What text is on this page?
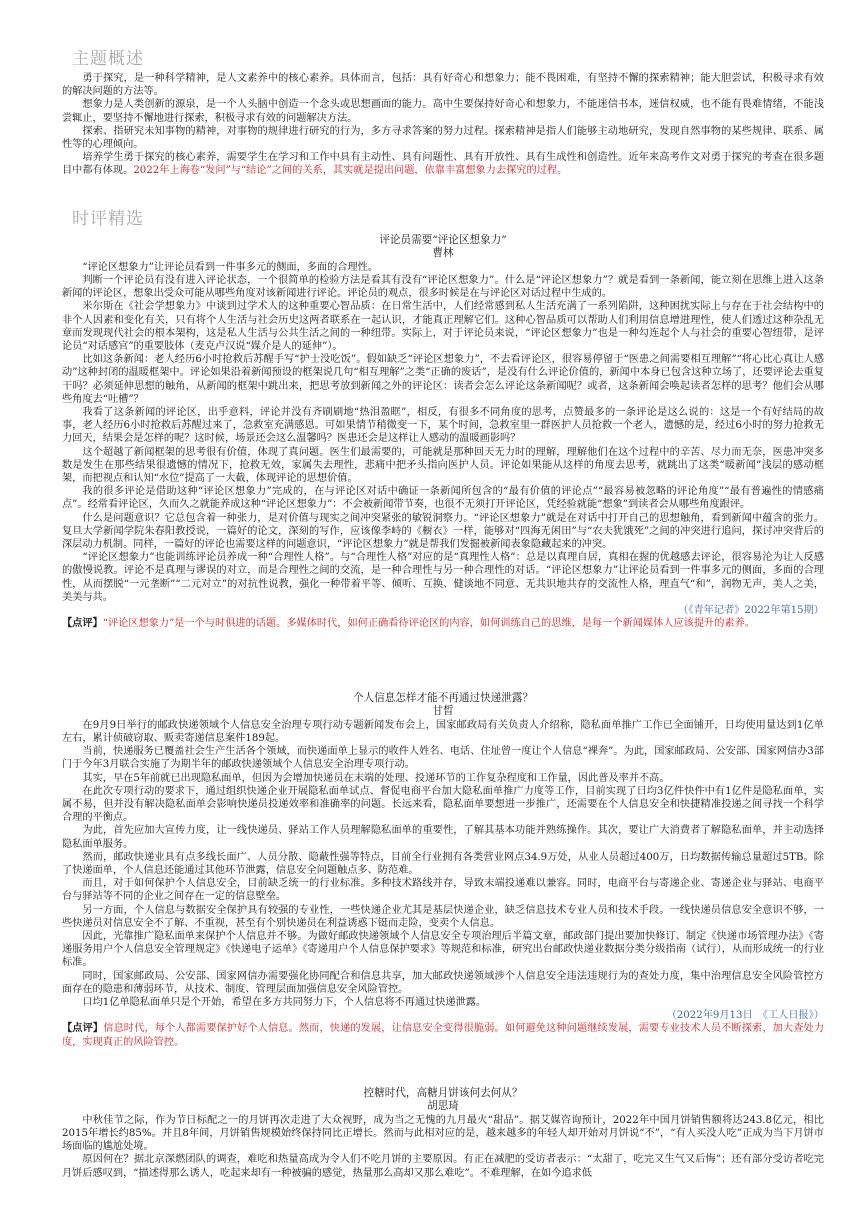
主题概述

勇于探究，是一种科学精神，是人文素养中的核心素养。具体而言，包括：具有好奇心和想象力；能不畏困难，有坚持不懈的探索精神；能大胆尝试，积极寻求有效的解决问题的方法等。

想象力是人类创新的源泉，是一个人头脑中创造一个念头或思想画面的能力。高中生要保持好奇心和想象力，不能迷信书本，迷信权威，也不能有畏难情绪，不能浅尝辄止，要坚持不懈地进行探索，积极寻求有效的问题解决方法。

探索、指研究未知事物的精神，对事物的规律进行研究的行为，多方寻求答案的努力过程。探索精神是指人们能够主动地研究，发现自然事物的某些规律、联系、属性等的心理倾向。

培养学生勇于探究的核心素养，需要学生在学习和工作中具有主动性、具有问题性、具有开放性、具有生成性和创造性。近年来高考作文对勇于探究的考查在很多题目中都有体现。2022年上海卷“发问”与“结论”之间的关系，其实就是提出问题，依靠丰富想象力去探究的过程。

时评精选

评论员需要“评论区想象力”

曹林

“评论区想象力”让评论员看到一件事多元的侧面，多面的合理性。

判断一个评论员有没有进入评论状态，一个很简单的检验方法是看其有没有“评论区想象力”。什么是“评论区想象力”？就是看到一条新闻，能立刻在思维上进入这条新闻的评论区，想象出受众可能从哪些角度对该新闻进行评论。评论员的观点，很多时候是在与评论区对话过程中生成的。

米尔斯在《社会学想象力》中谈到过学术人的这种重要心智品质：在日常生活中，人们经常感到私人生活充满了一系列陷阱，这种困扰实际上与存在于社会结构中的非个人因素和变化有关，只有将个人生活与社会历史这两者联系在一起认识，才能真正理解它们。这种心智品质可以帮助人们利用信息增进理性，使人们透过这种杂乱无章而发现现代社会的根本架构，这是私人生活与公共生活之间的一种纽带。实际上，对于评论员来说，“评论区想象力”也是一种勾连起个人与社会的重要心智纽带，是评论员“对话感官”的重要肢体（麦克卢汉说“媒介是人的延伸”）。

比如这条新闻：老人经历6小时抢救后苏醒手写“护士没吃饭”。假如缺乏“评论区想象力”，不去看评论区，很容易停留于“医患之间需要相互理解”“将心比心真让人感动”这种封闭的温暖框架中。评论如果沿着新闻预设的框架说几句“相互理解”之类“正确的废话”，是没有什么评论价值的，新闻中本身已包含这种立场了，还要评论去重复干吗？必须延伸思想的触角，从新闻的框架中跳出来，把思考放到新闻之外的评论区：读者会怎么评论这条新闻呢？或者，这条新闻会唤起读者怎样的思考？他们会从哪些角度去“吐槽”？

我看了这条新闻的评论区，出乎意料，评论并没有齐刷刷地“热泪盈眶”，相反，有很多不同角度的思考，点赞最多的一条评论是这么说的：这是一个有好结局的故事，老人经历6小时抢救后苏醒过来了，急救室充满感恩。可如果情节稍微变一下，某个时间，急救室里一群医护人员抢救一个老人，遗憾的是，经过6小时的努力抢救无力回天，结果会是怎样的呢？这时候，场景还会这么温馨吗？医患还会是这样让人感动的温暖画影吗？

这个超越了新闻框架的思考很有价值，体现了真问题。医生们最需要的，可能就是那种回天无力时的理解，理解他们在这个过程中的辛苦、尽力而无奈，医患冲突多数是发生在那些结果很遗憾的情况下，抢救无效，家属失去理性，悲痛中把矛头指向医护人员。评论如果能从这样的角度去思考，就跳出了这类“暖新闻”浅层的感动框架，而把视点和认知“水位”提高了一大截，体现评论的思想价值。

我的很多评论是借助这种“评论区想象力”完成的，在与评论区对话中确证一条新闻所包含的“最有价值的评论点”“最容易被忽略的评论角度”“最有普遍性的情感痛点”。经常看评论区，久而久之就能养成这种“评论区想象力”：不会被新闻带节奏，也很不无须打开评论区，凭经验就能“想象”到读者会从哪些角度跟评。

什么是问题意识？它总包含着一种张力，是对价值与现实之间冲突紧张的敏锐洞察力。“评论区想象力”就是在对话中打开自己的思想触角，看到新闻中蕴含的张力。复旦大学新闻学院朱春阳教授说，一篇好的论文，深刻的写作，应该像李峙的《橱衣》一样，能够对“四海无闲田”与“农夫犹饿死”之间的冲突进行追问，探讨冲突背后的深层动力机制。同样，一篇好的评论也需要这样的问题意识，“评论区想象力”就是帮我们发掘被新闻表象隐藏起来的冲突。

“评论区想象力”也能训练评论员养成一种“合理性人格”。与“合理性人格”对应的是“真理性人格”：总是以真理自居，真相在握的优越感去评论，很容易沦为让人反感的傲慢说教。评论不是真理与谬误的对立，而是合理性之间的交流，是一种合理性与另一种合理性的对话。“评论区想象力”让评论员看到一件事多元的侧面，多面的合理性，从而摆脱“一元垄断”“二元对立”的对抗性说教，强化一种带着平等、倾听、互换、健谈地不同意、无共识地共存的交流性人格，理直气“和”，润物无声，美人之美，美美与共。

（《青年记者》2022年第15期）

【点评】“评论区想象力”是一个与时俱进的话题。多媒体时代，如何正确看待评论区的内容，如何训练自己的思维，是每一个新闻媒体人应该提升的素养。

个人信息怎样才能不再通过快递泄露？

甘晳

在9月9日举行的邮政快递领域个人信息安全治理专项行动专题新闻发布会上，国家邮政局有关负责人介绍称，隐私面单推广工作已全面铺开，日均使用量达到1亿单左右，累计侦破窃取、贩卖寄递信息案件189起。

当前，快递服务已覆盖社会生产生活各个领域，而快递面单上显示的收件人姓名、电话、住址曾一度让个人信息“裸奔”。为此，国家邮政局、公安部、国家网信办3部门于今年3月联合实施了为期半年的邮政快递领域个人信息安全治理专项行动。

其实，早在5年前就已出现隐私面单，但因为会增加快递员在末端的处理、投递环节的工作复杂程度和工作量，因此普及率并不高。

在此次专项行动的要求下，通过组织快递企业开展隐私面单试点、督促电商平台加大隐私面单推广力度等工作，目前实现了日均3亿件快件中有1亿件是隐私面单，实属不易，但并没有解决隐私面单会影响快递员投递效率和准确率的问题。长远来看，隐私面单要想进一步推广，还需要在个人信息安全和快捷精准投递之间寻找一个科学合理的平衡点。

为此，首先应加大宣传力度，让一线快递员、驿站工作人员理解隐私面单的重要性，了解其基本功能并熟练操作。其次，要让广大消费者了解隐私面单，并主动选择隐私面单服务。

然而，邮政快递业具有点多线长面广、人员分散、隐蔽性强等特点，目前全行业拥有各类营业网点34.9万处，从业人员超过400万，日均数据传输总量超过5TB。除了快递面单，个人信息还能通过其他环节泄露，信息安全问题触点多、防范难。

而且，对于如何保护个人信息安全，目前缺乏统一的行业标准。多种技术路线并存，导致末端投递难以兼容。同时，电商平台与寄递企业、寄递企业与驿站、电商平台与驿站等不同的企业之间存在一定的信息壁垒。

另一方面，个人信息与数据安全保护具有较强的专业性，一些快递企业尤其是基层快递企业，缺乏信息技术专业人员和技术手段。一线快递员信息安全意识不够，一些快递员对信息安全不了解、不重视，甚至有个别快递员在利益诱惑下铤而走险，变卖个人信息。

因此，光靠推广隐私面单来保护个人信息并不够。为做好邮政快递领域个人信息安全专项治理后半篇文章，邮政部门提出要加快修订、制定《快递市场管理办法》《寄递服务用户个人信息安全管理规定》《快递电子运单》《寄递用户个人信息保护要求》等规范和标准，研究出台邮政快递业数据分类分级指南（试行），从而形成统一的行业标准。

同时，国家邮政局、公安部、国家网信办需要强化协同配合和信息共享，加大邮政快递领域涉个人信息安全违法违规行为的查处力度，集中治理信息安全风险管控方面存在的隐患和薄弱环节，从技术、制度、管理层面加强信息安全风险管控。

口均1亿单隐私面单只是个开始，希望在多方共同努力下，个人信息将不再通过快递泄露。

（2022年9月13日　《工人日报》）

【点评】信息时代，每个人都需要保护好个人信息。然而，快递的发展，让信息安全变得很脆弱。如何避免这种问题继续发展，需要专业技术人员不断探索，加大查处力度，实现真正的风险管控。

控糖时代，高糖月饼该何去何从？

胡思琦

中秋佳节之际，作为节日标配之一的月饼再次走进了大众视野，成为当之无愧的九月最火“甜品”。据艾媒咨询预计，2022年中国月饼销售额将达243.8亿元，相比2015年增长约85%。并且8年间，月饼销售规模始终保持同比正增长。然而与此相对应的是，越来越多的年轻人却开始对月饼说“不”，“有人买没人吃”正成为当下月饼市场面临的尴尬处境。

原因何在？据北京深燃团队的调查，难吃和热量高成为令人们不吃月饼的主要原因。有正在减肥的受访者表示：“太甜了，吃完又生气又后悔”；还有部分受访者吃完月饼后感叹到，“描述得那么诱人，吃起来却有一种被骗的感觉，热量那么高却又那么难吃”。不难理解，在如今追求低
